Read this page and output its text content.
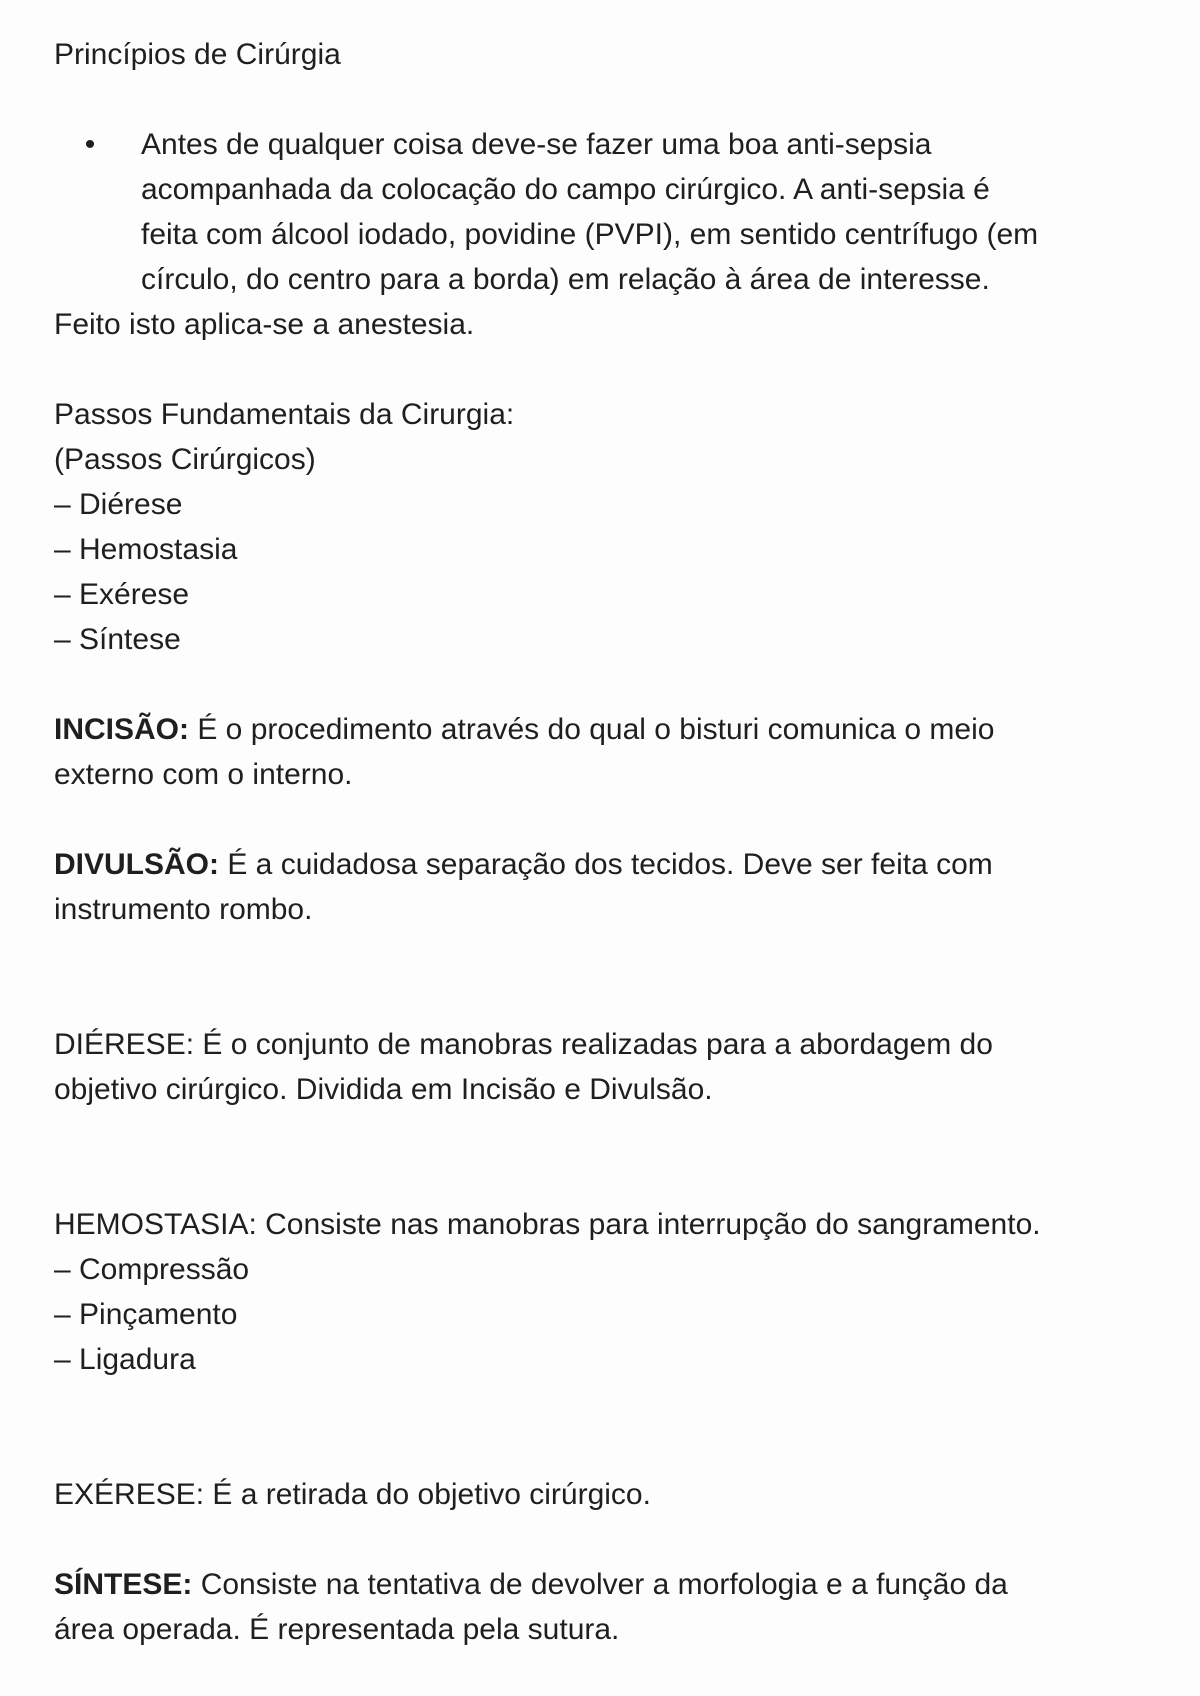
Princípios de Cirúrgia

• Antes de qualquer coisa deve-se fazer uma boa anti-sepsia

acompanhada da colocação do campo cirúrgico. A anti-sepsia é

feita com álcool iodado, povidine (PVPI), em sentido centrífugo (em

círculo, do centro para a borda) em relação à área de interesse.

Feito isto aplica-se a anestesia.

Passos Fundamentais da Cirurgia:

(Passos Cirúrgicos)

– Diérese

– Hemostasia

– Exérese

– Síntese

INCISÃO: É o procedimento através do qual o bisturi comunica o meio

externo com o interno.

DIVULSÃO: É a cuidadosa separação dos tecidos. Deve ser feita com

instrumento rombo.

DIÉRESE: É o conjunto de manobras realizadas para a abordagem do

objetivo cirúrgico. Dividida em Incisão e Divulsão.

HEMOSTASIA: Consiste nas manobras para interrupção do sangramento.

– Compressão

– Pinçamento

– Ligadura

EXÉRESE: É a retirada do objetivo cirúrgico.

SÍNTESE: Consiste na tentativa de devolver a morfologia e a função da

área operada. É representada pela sutura.
